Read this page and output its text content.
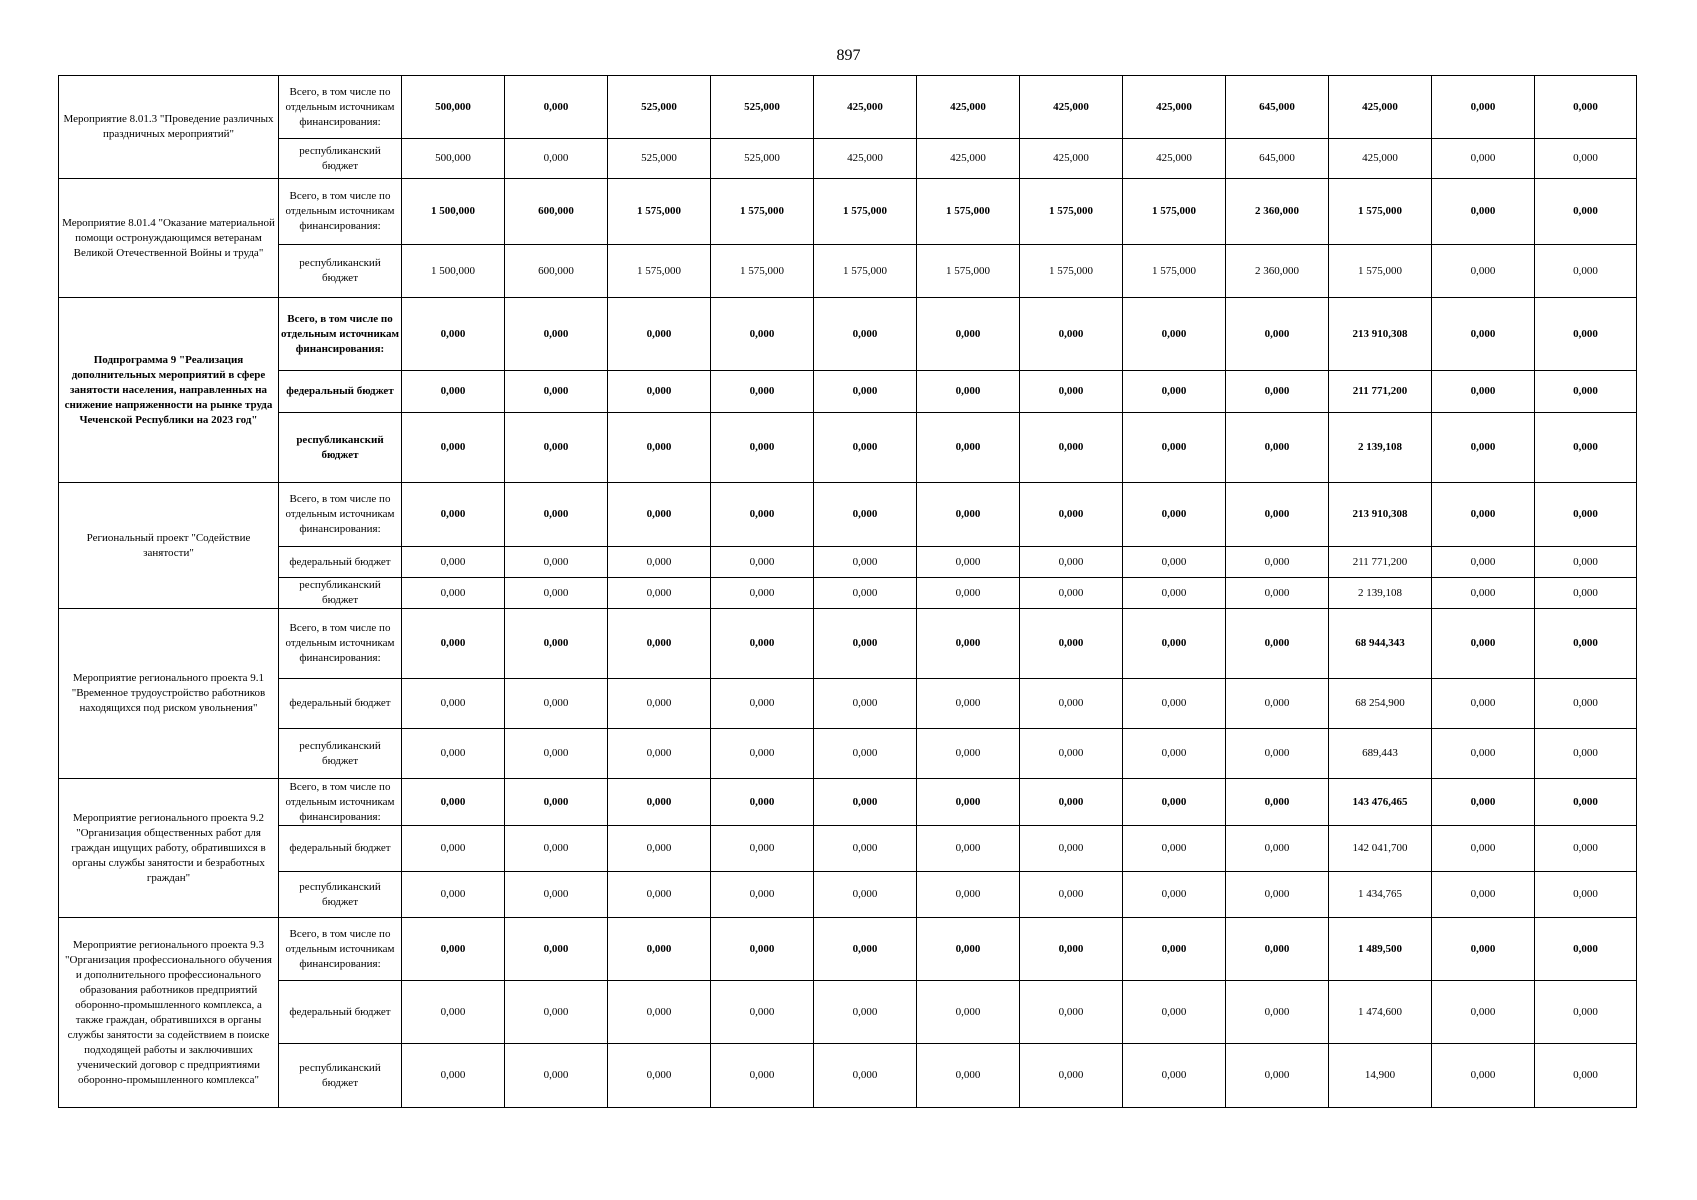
897
Мероприятие 8.01.3 "Проведение различных праздничных мероприятий"	Всего, в том числе по отдельным источникам финансирования:	500,000	0,000	525,000	525,000	425,000	425,000	425,000	425,000	645,000	425,000	0,000	0,000
	республиканский бюджет	500,000	0,000	525,000	525,000	425,000	425,000	425,000	425,000	645,000	425,000	0,000	0,000
Мероприятие 8.01.4 "Оказание материальной помощи остронуждающимся ветеранам Великой Отечественной Войны и труда"	Всего, в том числе по отдельным источникам финансирования:	1 500,000	600,000	1 575,000	1 575,000	1 575,000	1 575,000	1 575,000	1 575,000	2 360,000	1 575,000	0,000	0,000
	республиканский бюджет	1 500,000	600,000	1 575,000	1 575,000	1 575,000	1 575,000	1 575,000	1 575,000	2 360,000	1 575,000	0,000	0,000
Подпрограмма 9 "Реализация дополнительных мероприятий в сфере занятости населения, направленных на снижение напряженности на рынке труда Чеченской Республики на 2023 год"	Всего, в том числе по отдельным источникам финансирования:	0,000	0,000	0,000	0,000	0,000	0,000	0,000	0,000	0,000	213 910,308	0,000	0,000
	федеральный бюджет	0,000	0,000	0,000	0,000	0,000	0,000	0,000	0,000	0,000	211 771,200	0,000	0,000
	республиканский бюджет	0,000	0,000	0,000	0,000	0,000	0,000	0,000	0,000	0,000	2 139,108	0,000	0,000
Региональный проект "Содействие занятости"	Всего, в том числе по отдельным источникам финансирования:	0,000	0,000	0,000	0,000	0,000	0,000	0,000	0,000	0,000	213 910,308	0,000	0,000
	федеральный бюджет	0,000	0,000	0,000	0,000	0,000	0,000	0,000	0,000	0,000	211 771,200	0,000	0,000
	республиканский бюджет	0,000	0,000	0,000	0,000	0,000	0,000	0,000	0,000	0,000	2 139,108	0,000	0,000
Мероприятие регионального проекта 9.1 "Временное трудоустройство работников находящихся под риском увольнения"	Всего, в том числе по отдельным источникам финансирования:	0,000	0,000	0,000	0,000	0,000	0,000	0,000	0,000	0,000	68 944,343	0,000	0,000
	федеральный бюджет	0,000	0,000	0,000	0,000	0,000	0,000	0,000	0,000	0,000	68 254,900	0,000	0,000
	республиканский бюджет	0,000	0,000	0,000	0,000	0,000	0,000	0,000	0,000	0,000	689,443	0,000	0,000
Мероприятие регионального проекта 9.2 "Организация общественных работ для граждан ищущих работу, обратившихся в органы службы занятости и безработных граждан"	Всего, в том числе по отдельным источникам финансирования:	0,000	0,000	0,000	0,000	0,000	0,000	0,000	0,000	0,000	143 476,465	0,000	0,000
	федеральный бюджет	0,000	0,000	0,000	0,000	0,000	0,000	0,000	0,000	0,000	142 041,700	0,000	0,000
	республиканский бюджет	0,000	0,000	0,000	0,000	0,000	0,000	0,000	0,000	0,000	1 434,765	0,000	0,000
Мероприятие регионального проекта 9.3 "Организация профессионального обучения и дополнительного профессионального образования работников предприятий оборонно-промышленного комплекса, а также граждан, обратившихся в органы службы занятости за содействием в поиске подходящей работы и заключивших ученический договор с предприятиями оборонно-промышленного комплекса"	Всего, в том числе по отдельным источникам финансирования:	0,000	0,000	0,000	0,000	0,000	0,000	0,000	0,000	0,000	1 489,500	0,000	0,000
	федеральный бюджет	0,000	0,000	0,000	0,000	0,000	0,000	0,000	0,000	0,000	1 474,600	0,000	0,000
	республиканский бюджет	0,000	0,000	0,000	0,000	0,000	0,000	0,000	0,000	0,000	14,900	0,000	0,000
